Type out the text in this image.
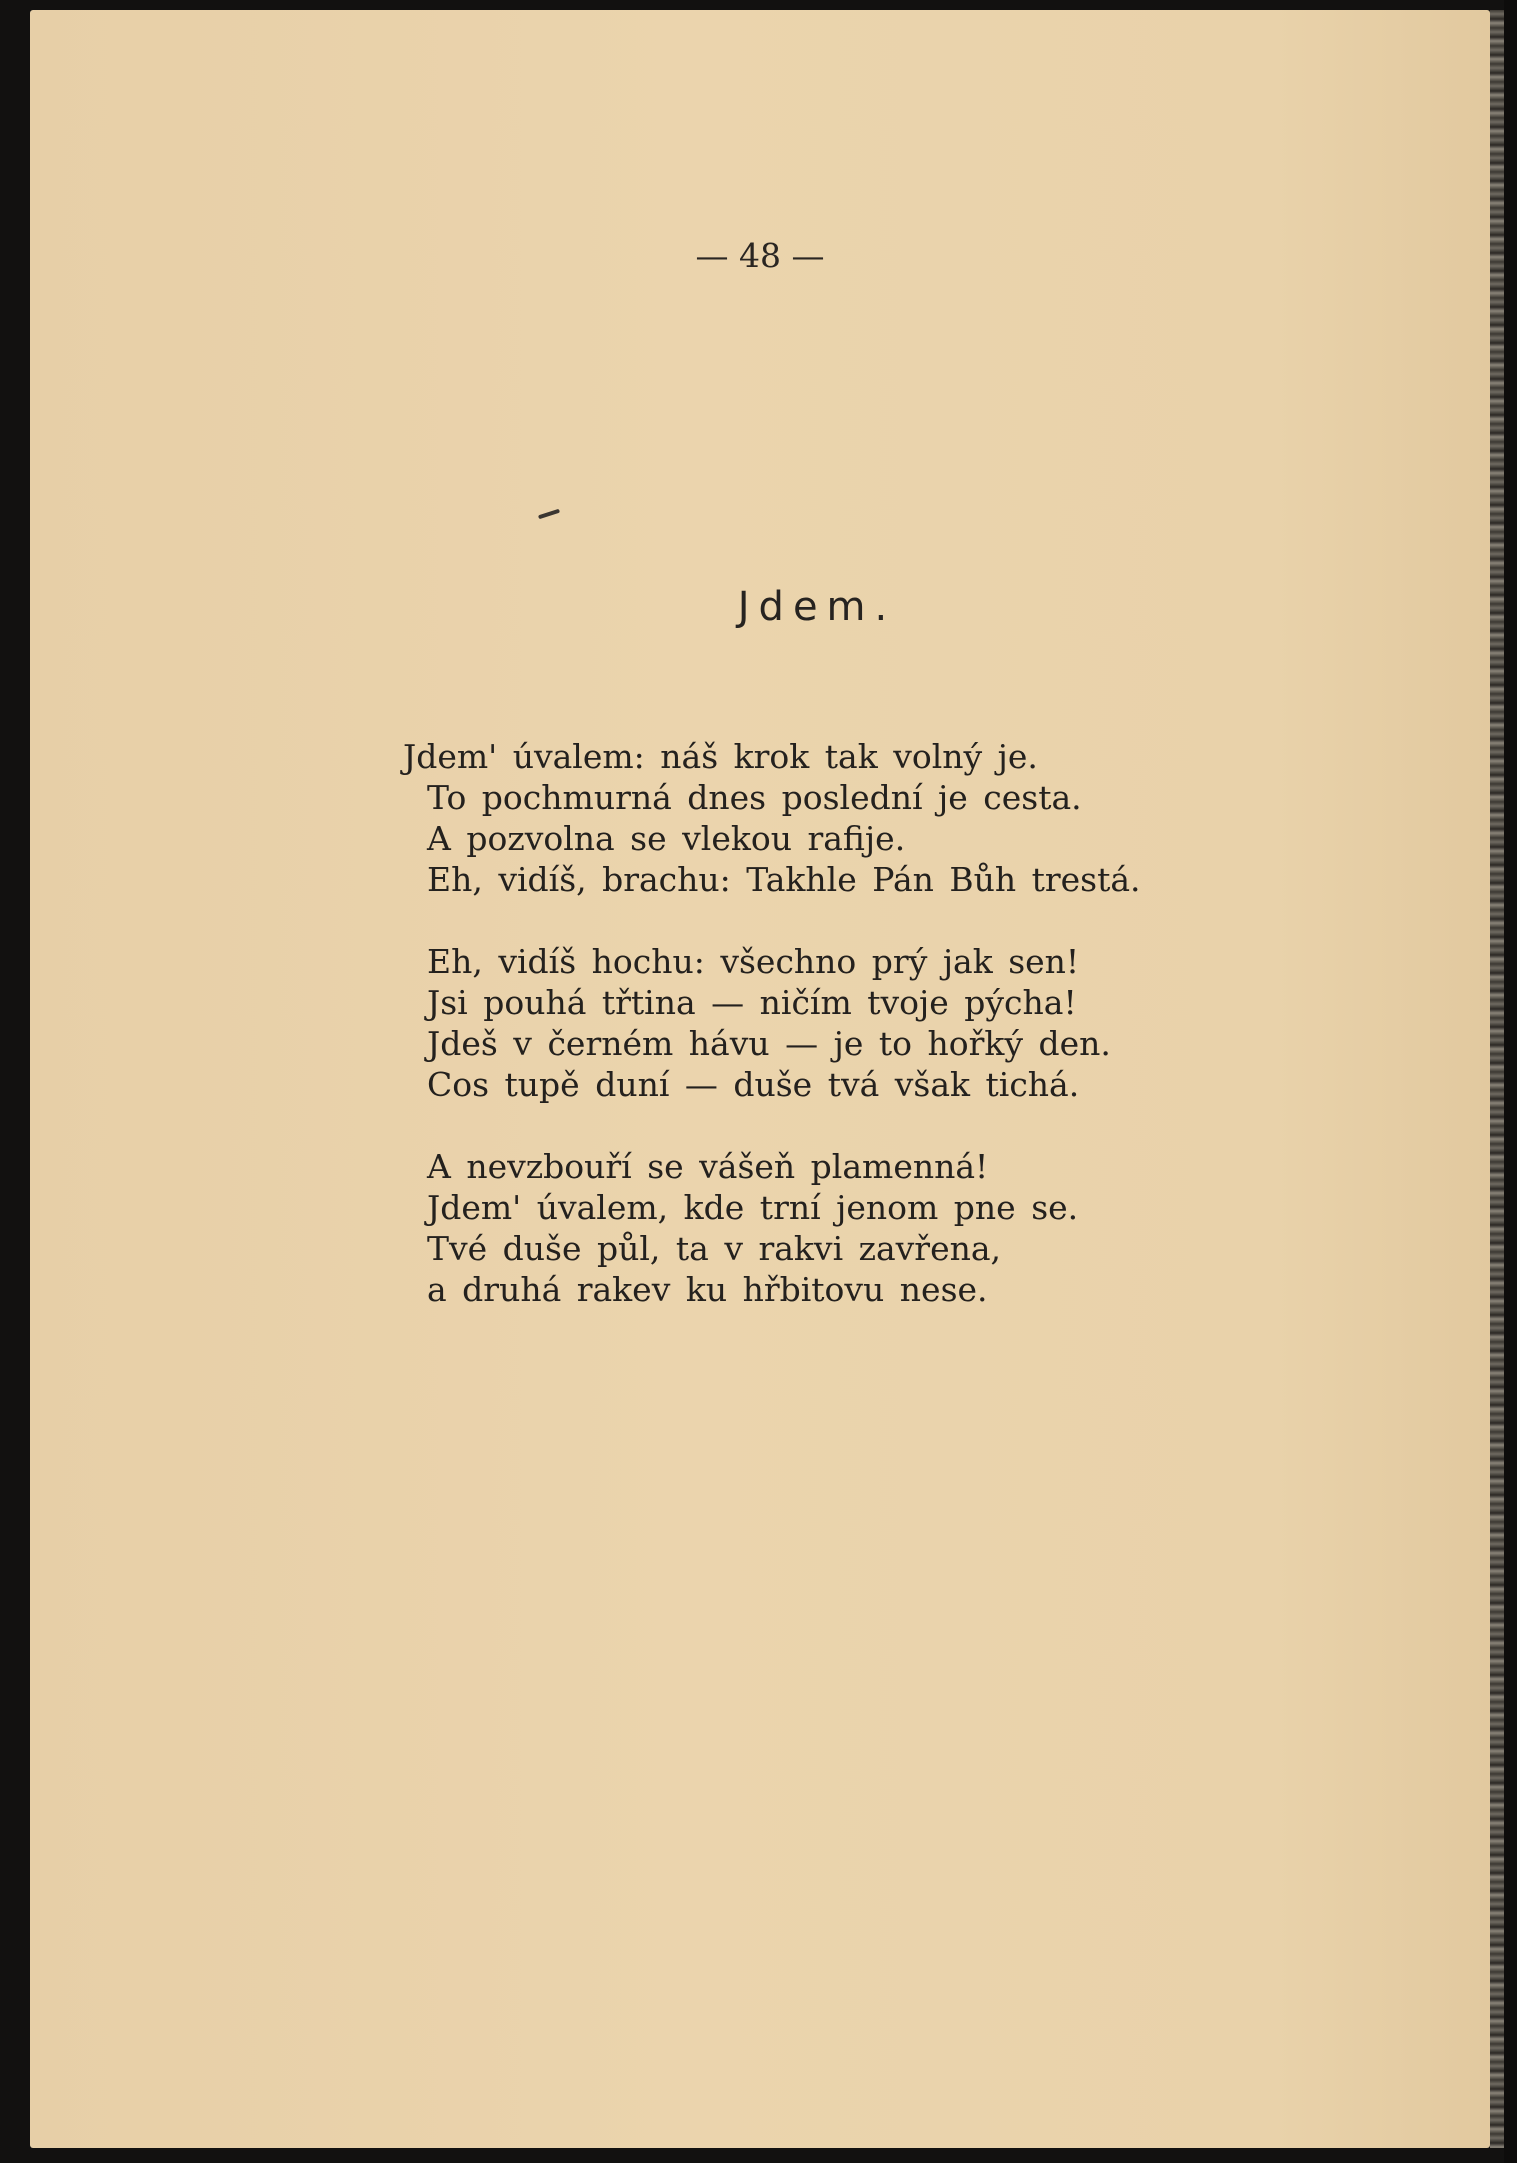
— 48 —
Jdem.
Jdem' úvalem: náš krok tak volný je.
To pochmurná dnes poslední je cesta.
A pozvolna se vlekou rafije.
Eh, vidíš, brachu: Takhle Pán Bůh trestá.
Eh, vidíš hochu: všechno prý jak sen!
Jsi pouhá třtina — ničím tvoje pýcha!
Jdeš v černém hávu — je to hořký den.
Cos tupě duní — duše tvá však tichá.
A nevzbouří se vášeň plamenná!
Jdem' úvalem, kde trní jenom pne se.
Tvé duše půl, ta v rakvi zavřena,
a druhá rakev ku hřbitovu nese.
